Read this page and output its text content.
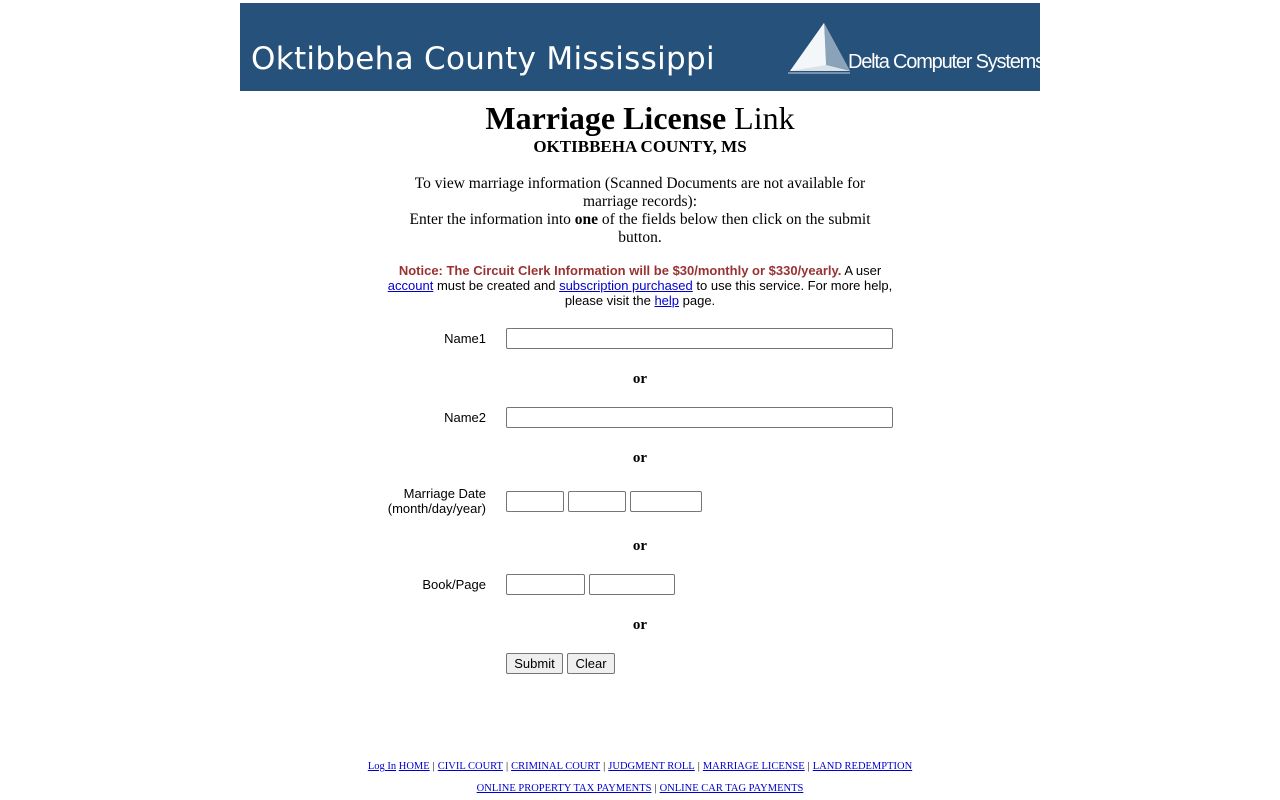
Oktibbeha County Mississippi	Delta Computer Systems, Inc.
Marriage License Link
OKTIBBEHA COUNTY, MS
To view marriage information (Scanned Documents are not available for marriage records):
Enter the information into one of the fields below then click on the submit button.
Notice: The Circuit Clerk Information will be $30/monthly or $330/yearly. A user account must be created and subscription purchased to use this service. For more help, please visit the help page.
Name1
or
Name2
or
Marriage Date
(month/day/year)
or
Book/Page
or
Submit	Clear
Log In HOME | CIVIL COURT | CRIMINAL COURT | JUDGMENT ROLL | MARRIAGE LICENSE | LAND REDEMPTION
ONLINE PROPERTY TAX PAYMENTS | ONLINE CAR TAG PAYMENTS
